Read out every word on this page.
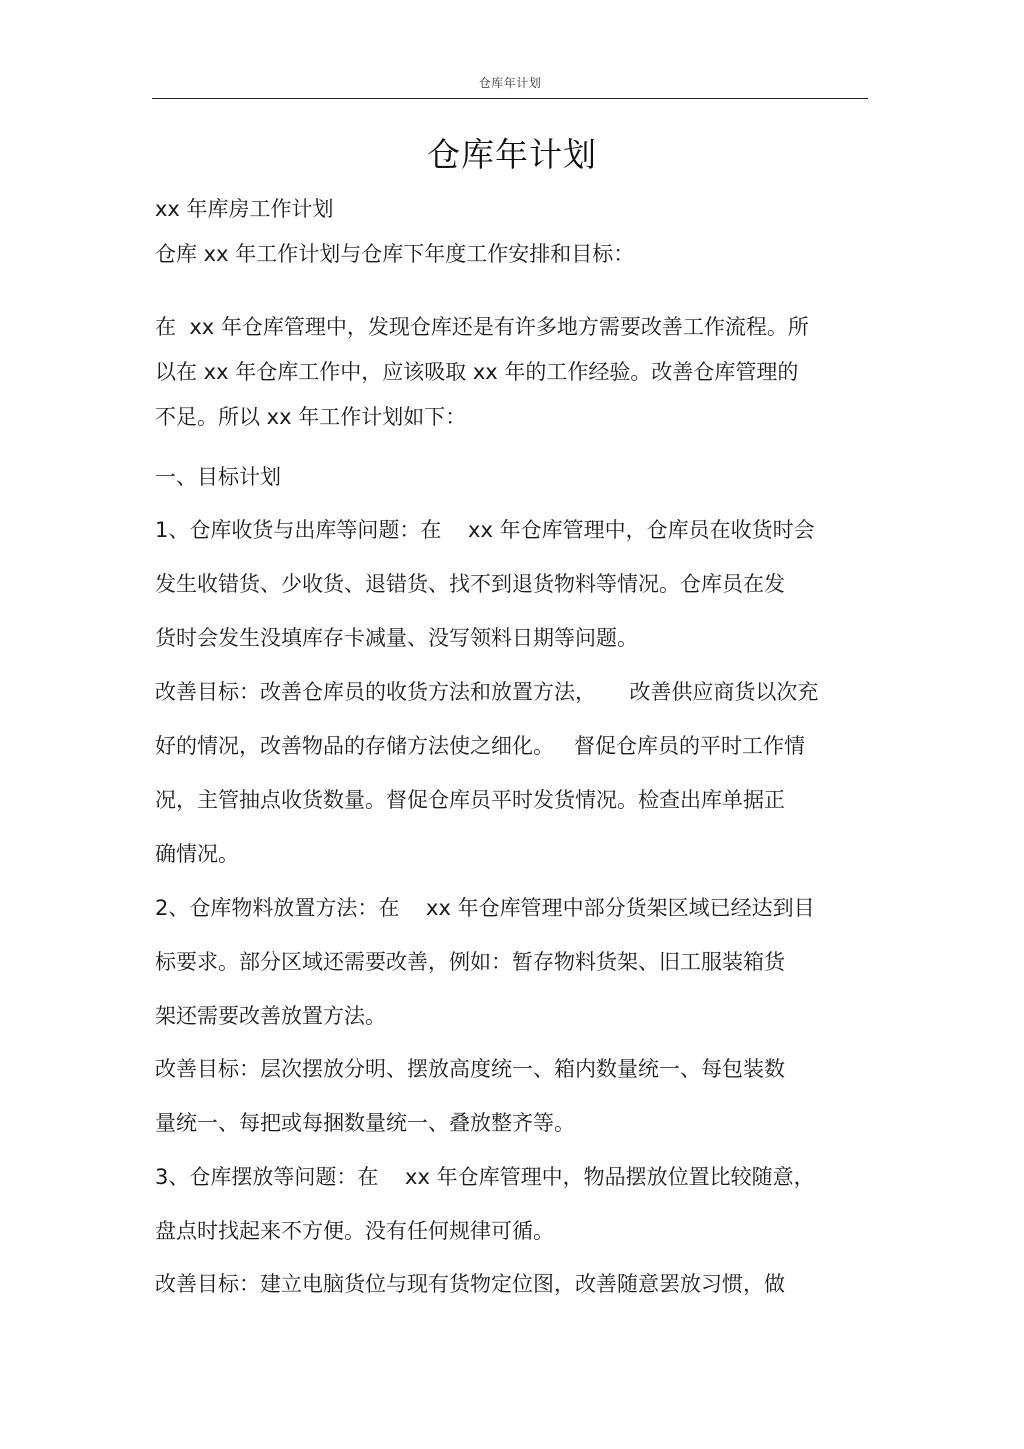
仓库年计划
仓库年计划
xx 年库房工作计划
仓库 xx 年工作计划与仓库下年度工作安排和目标：
在  xx 年仓库管理中，发现仓库还是有许多地方需要改善工作流程。所
以在 xx 年仓库工作中，应该吸取 xx 年的工作经验。改善仓库管理的
不足。所以 xx 年工作计划如下：
一、目标计划
1、仓库收货与出库等问题：在    xx 年仓库管理中，仓库员在收货时会
发生收错货、少收货、退错货、找不到退货物料等情况。仓库员在发
货时会发生没填库存卡减量、没写领料日期等问题。
改善目标：改善仓库员的收货方法和放置方法，     改善供应商货以次充
好的情况，改善物品的存储方法使之细化。   督促仓库员的平时工作情
况，主管抽点收货数量。督促仓库员平时发货情况。检查出库单据正
确情况。
2、仓库物料放置方法：在    xx 年仓库管理中部分货架区域已经达到目
标要求。部分区域还需要改善，例如：暂存物料货架、旧工服装箱货
架还需要改善放置方法。
改善目标：层次摆放分明、摆放高度统一、箱内数量统一、每包装数
量统一、每把或每捆数量统一、叠放整齐等。
3、仓库摆放等问题：在    xx 年仓库管理中，物品摆放位置比较随意，
盘点时找起来不方便。没有任何规律可循。
改善目标：建立电脑货位与现有货物定位图，改善随意罢放习惯，做
